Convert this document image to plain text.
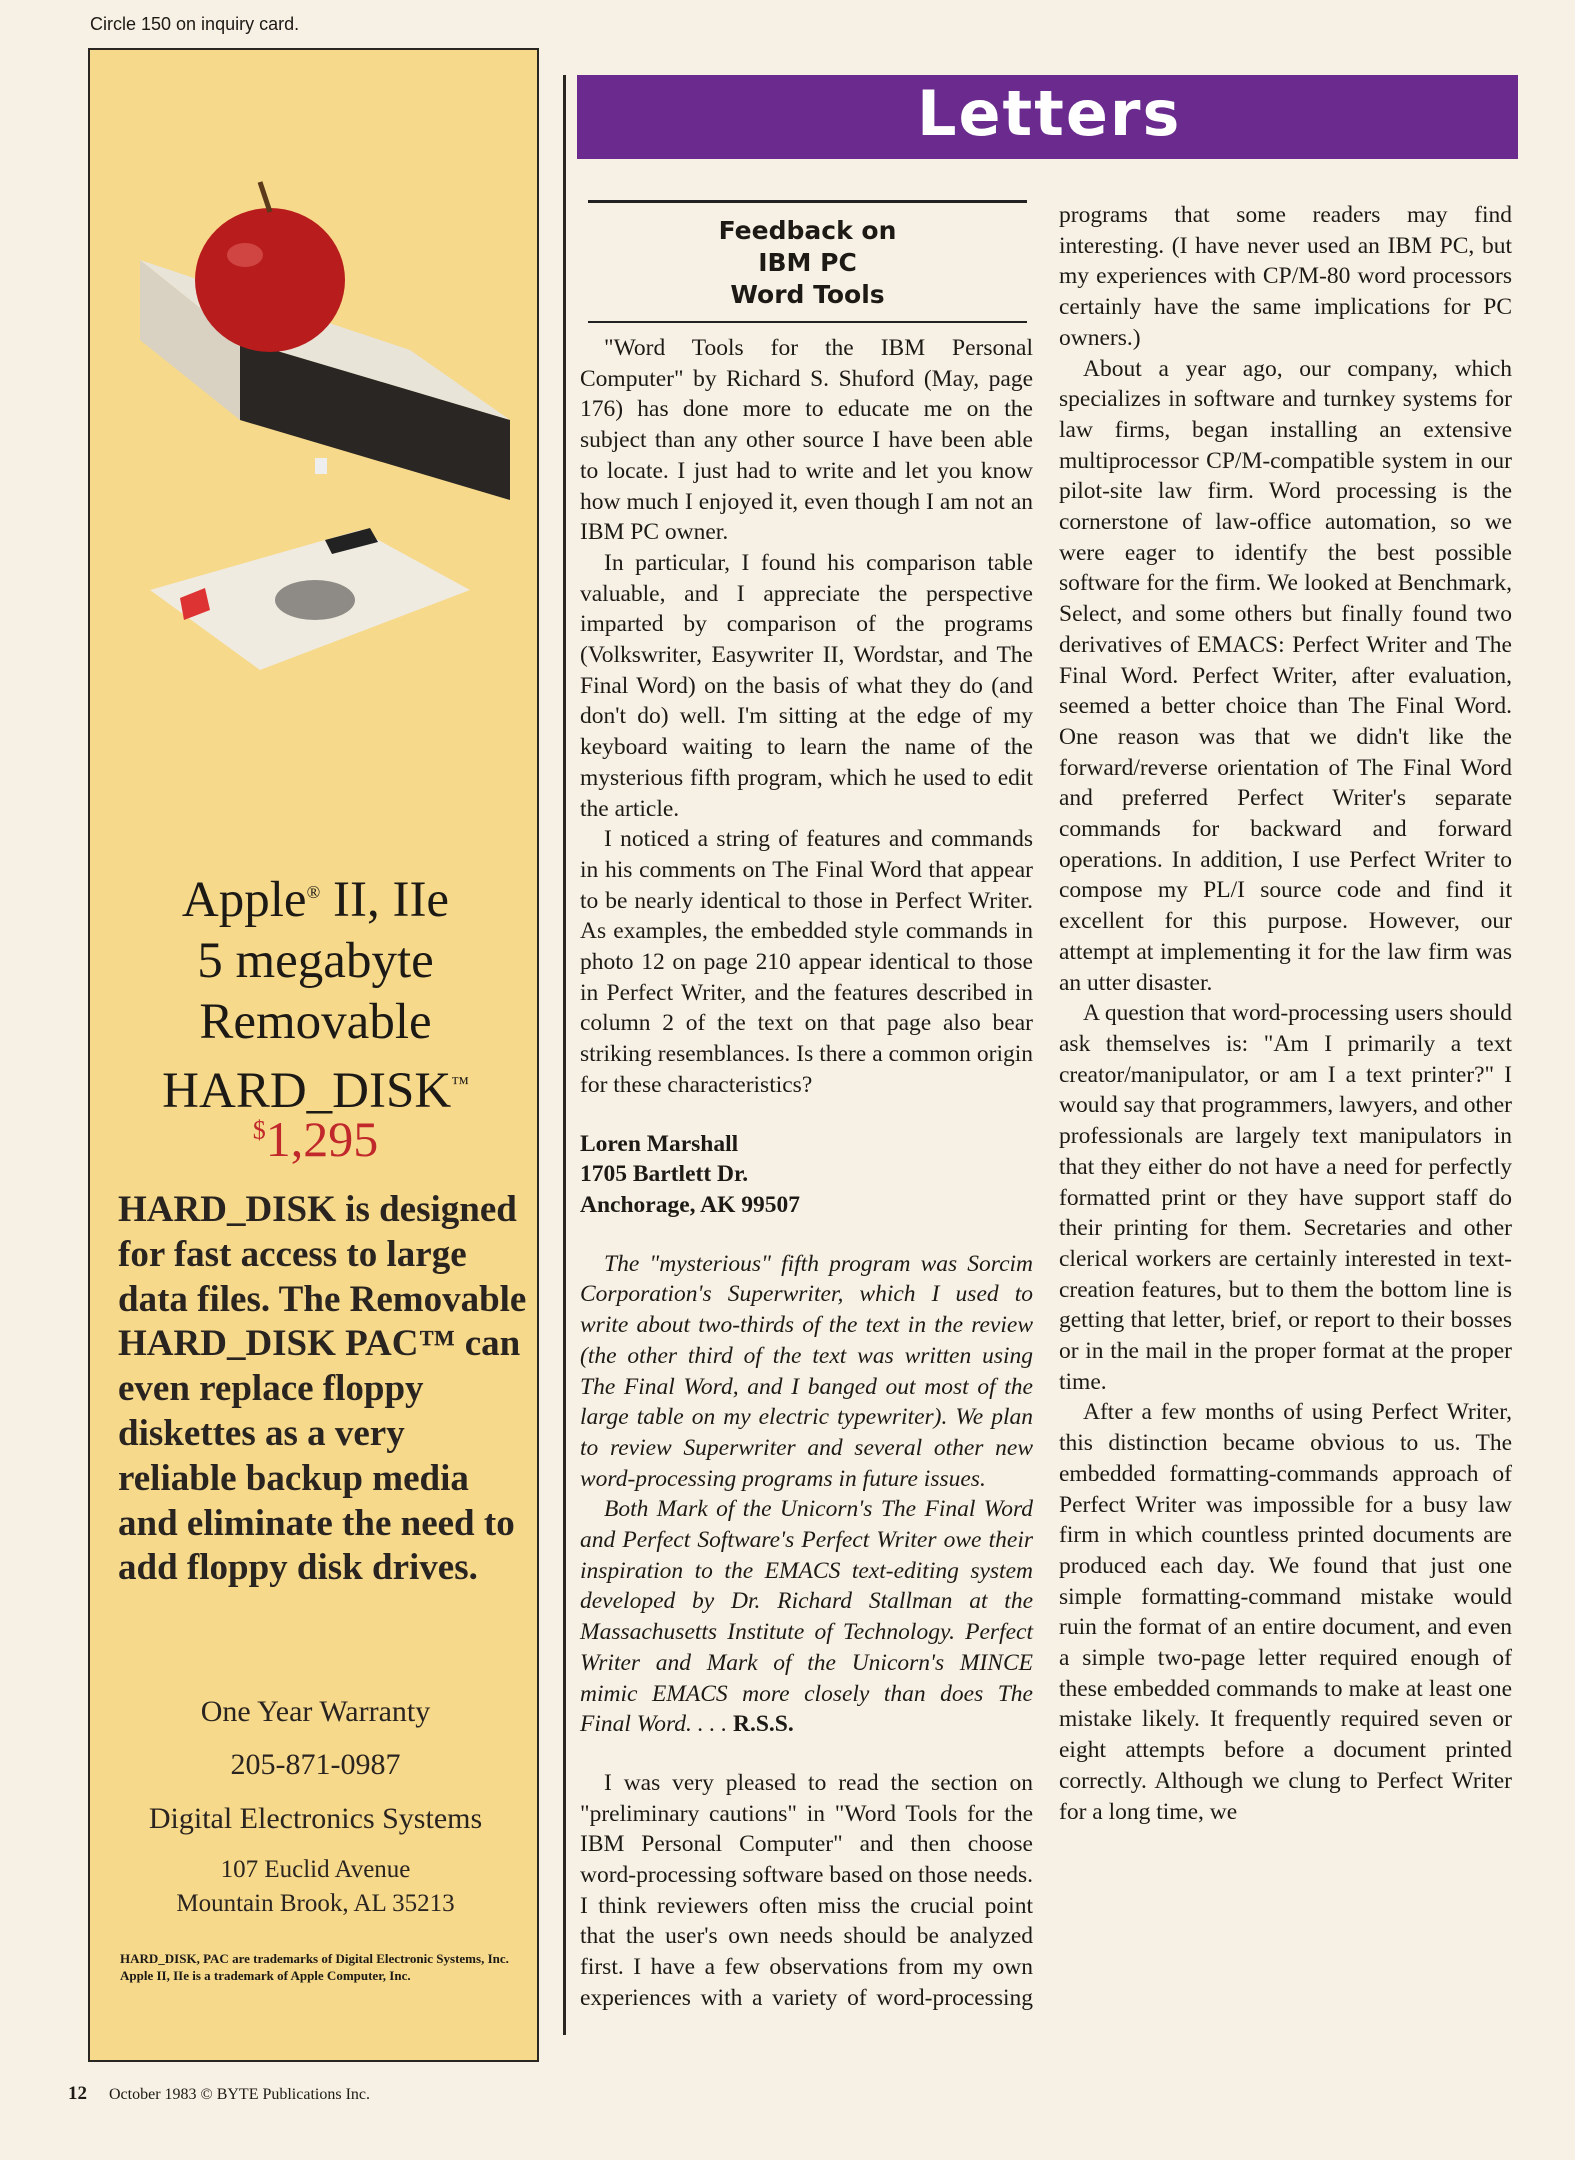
Circle 150 on inquiry card.
Apple® II, IIe
5 megabyte
Removable
HARD_DISK™
$1,295
HARD_DISK is designed for fast access to large data files. The Removable HARD_DISK PAC™ can even replace floppy diskettes as a very reliable backup media and eliminate the need to add floppy disk drives.
One Year Warranty
205-871-0987
Digital Electronics Systems
107 Euclid Avenue
Mountain Brook, AL 35213
HARD_DISK, PAC are trademarks of Digital Electronic Systems, Inc.
Apple II, IIe is a trademark of Apple Computer, Inc.
Letters
Feedback on
IBM PC
Word Tools

"Word Tools for the IBM Personal Computer" by Richard S. Shuford (May, page 176) has done more to educate me on the subject than any other source I have been able to locate. I just had to write and let you know how much I enjoyed it, even though I am not an IBM PC owner.

In particular, I found his comparison table valuable, and I appreciate the perspective imparted by comparison of the programs (Volkswriter, Easywriter II, Wordstar, and The Final Word) on the basis of what they do (and don't do) well. I'm sitting at the edge of my keyboard waiting to learn the name of the mysterious fifth program, which he used to edit the article.

I noticed a string of features and commands in his comments on The Final Word that appear to be nearly identical to those in Perfect Writer. As examples, the embedded style commands in photo 12 on page 210 appear identical to those in Perfect Writer, and the features described in column 2 of the text on that page also bear striking resemblances. Is there a common origin for these characteristics?

Loren Marshall
1705 Bartlett Dr.
Anchorage, AK 99507

The "mysterious" fifth program was Sorcim Corporation's Superwriter, which I used to write about two-thirds of the text in the review (the other third of the text was written using The Final Word, and I banged out most of the large table on my electric typewriter). We plan to review Superwriter and several other new word-processing programs in future issues.

Both Mark of the Unicorn's The Final Word and Perfect Software's Perfect Writer owe their inspiration to the EMACS text-editing system developed by Dr. Richard Stallman at the Massachusetts Institute of Technology. Perfect Writer and Mark of the Unicorn's MINCE mimic EMACS more closely than does The Final Word. . . . R.S.S.

I was very pleased to read the section on "preliminary cautions" in "Word Tools for the IBM Personal Computer" and then choose word-processing software based on those needs. I think reviewers often miss the crucial point that the user's own needs should be analyzed first. I have a few observations from my own experiences with a variety of word-processing programs that some readers may find interesting. (I have never used an IBM PC, but my experiences with CP/M-80 word processors certainly have the same implications for PC owners.)

About a year ago, our company, which specializes in software and turnkey systems for law firms, began installing an extensive multiprocessor CP/M-compatible system in our pilot-site law firm. Word processing is the cornerstone of law-office automation, so we were eager to identify the best possible software for the firm. We looked at Benchmark, Select, and some others but finally found two derivatives of EMACS: Perfect Writer and The Final Word. Perfect Writer, after evaluation, seemed a better choice than The Final Word. One reason was that we didn't like the forward/reverse orientation of The Final Word and preferred Perfect Writer's separate commands for backward and forward operations. In addition, I use Perfect Writer to compose my PL/I source code and find it excellent for this purpose. However, our attempt at implementing it for the law firm was an utter disaster.

A question that word-processing users should ask themselves is: "Am I primarily a text creator/manipulator, or am I a text printer?" I would say that programmers, lawyers, and other professionals are largely text manipulators in that they either do not have a need for perfectly formatted print or they have support staff do their printing for them. Secretaries and other clerical workers are certainly interested in text-creation features, but to them the bottom line is getting that letter, brief, or report to their bosses or in the mail in the proper format at the proper time.

After a few months of using Perfect Writer, this distinction became obvious to us. The embedded formatting-commands approach of Perfect Writer was impossible for a busy law firm in which countless printed documents are produced each day. We found that just one simple formatting-command mistake would ruin the format of an entire document, and even a simple two-page letter required enough of these embedded commands to make at least one mistake likely. It frequently required seven or eight attempts before a document printed correctly. Although we clung to Perfect Writer for a long time, we

12 October 1983 © BYTE Publications Inc.
